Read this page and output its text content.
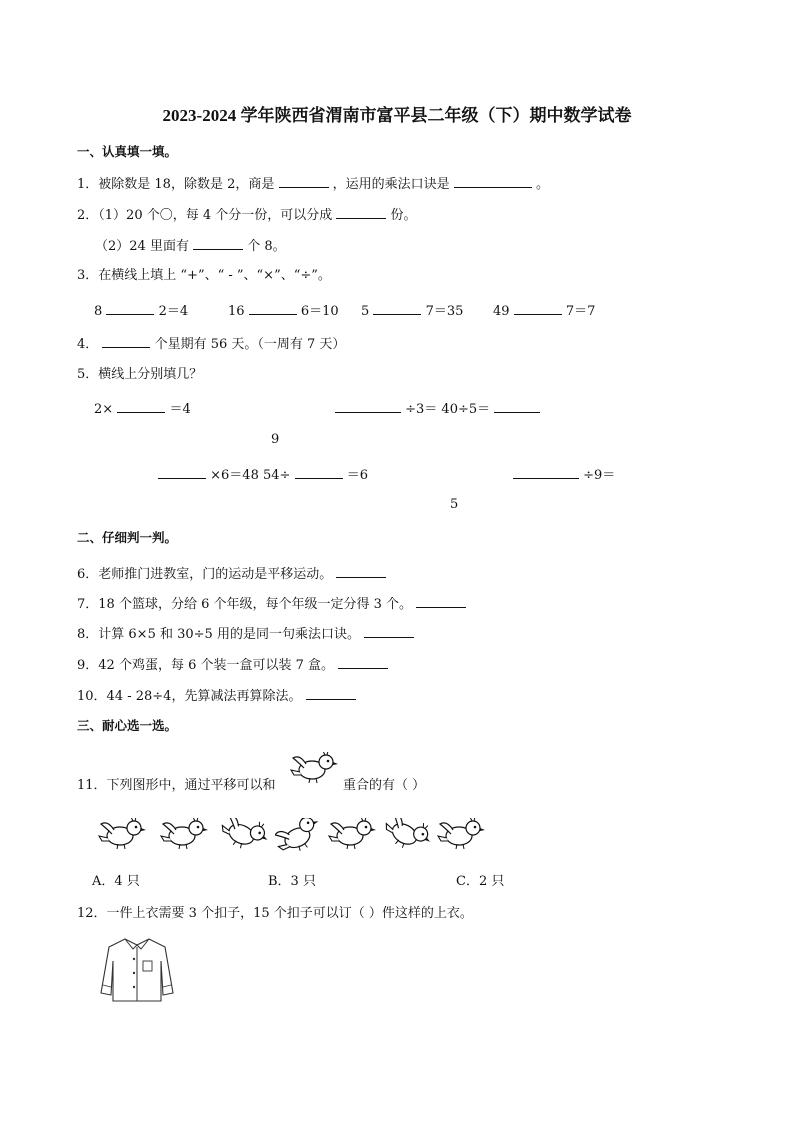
2023-2024 学年陕西省渭南市富平县二年级（下）期中数学试卷
一、认真填一填。
1．被除数是 18，除数是 2，商是	，运用的乘法口诀是	。
2．（1）20 个〇，每 4 个分一份，可以分成	份。
（2）24 里面有	个 8。
3．在横线上填上 “+”、“ - ”、“×”、“÷”。
8	2＝4	16	6＝10 5	7＝35 49	7＝7
4．	个星期有 56 天。（一周有 7 天）
5．横线上分别填几？
2×	＝4	÷3＝ 40÷5＝
9
×6＝48 54÷	＝6	÷9＝
5
二、仔细判一判。
6．老师推门进教室，门的运动是平移运动。
7．18 个篮球，分给 6 个年级，每个年级一定分得 3 个。
8．计算 6×5 和 30÷5 用的是同一句乘法口诀。
9．42 个鸡蛋，每 6 个装一盒可以装 7 盒。
10．44 - 28÷4，先算减法再算除法。
三、耐心选一选。
11．下列图形中，通过平移可以和	重合的有（ ）
A．4 只	B．3 只	C．2 只
12．一件上衣需要 3 个扣子，15 个扣子可以订（ ）件这样的上衣。
